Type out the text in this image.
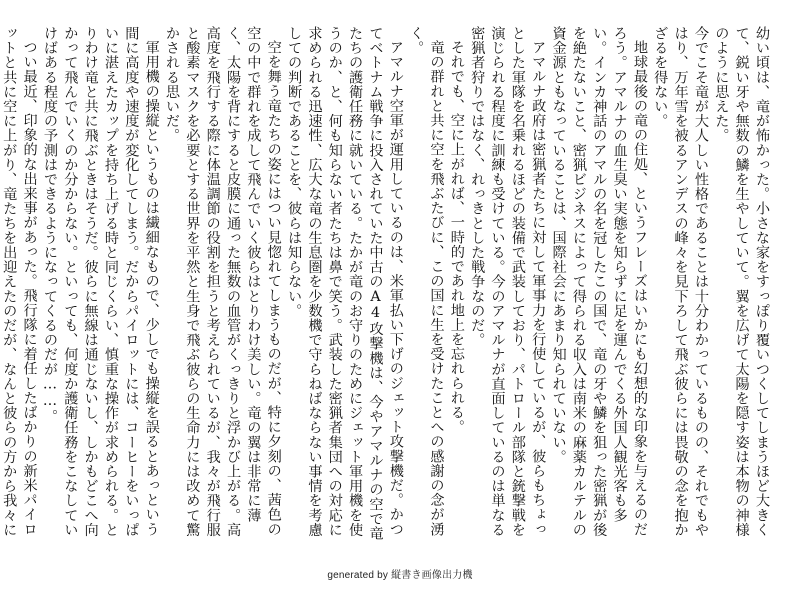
幼い頃は、竜が怖かった。小さな家をすっぽり覆いつくしてしまうほど大きくて、鋭い牙や無数の鱗を生やしていて。翼を広げて太陽を隠す姿は本物の神様のように思えた。

今でこそ竜が大人しい性格であることは十分わかっているものの、それでもやはり、万年雪を被るアンデスの峰々を見下ろして飛ぶ彼らには畏敬の念を抱かざるを得ない。

地球最後の竜の住処、というフレーズはいかにも幻想的な印象を与えるのだろう。アマルナの血生臭い実態を知らずに足を運んでくる外国人観光客も多い。インカ神話のアマルの名を冠したこの国で、竜の牙や鱗を狙った密猟が後を絶たないこと、密猟ビジネスによって得られる収入は南米の麻薬カルテルの資金源ともなっていることは、国際社会にあまり知られていない。

アマルナ政府は密猟者たちに対して軍事力を行使しているが、彼らもちょっとした軍隊を名乗れるほどの装備で武装しており、パトロール部隊と銃撃戦を演じられる程度に訓練も受けている。今のアマルナが直面しているのは単なる密猟者狩りではなく、れっきとした戦争なのだ。

それでも、空に上がれば、一時的であれ地上を忘れられる。

竜の群れと共に空を飛ぶたびに、この国に生を受けたことへの感謝の念が湧く。

アマルナ空軍が運用しているのは、米軍払い下げのジェット攻撃機だ。かつてベトナム戦争に投入されていた中古のA4攻撃機は、今やアマルナの空で竜たちの護衛任務に就いている。たかが竜のお守りのためにジェット軍用機を使うのか、と、何も知らない者たちは鼻で笑う。武装した密猟者集団への対応に求められる迅速性、広大な竜の生息圏を少数機で守らねばならない事情を考慮しての判断であることを、彼らは知らない。

空を舞う竜たちの姿にはつい見惚れてしまうものだが、特に夕刻の、茜色の空の中で群れを成して飛んでいく彼らはとりわけ美しい。竜の翼は非常に薄く、太陽を背にすると皮膜に通った無数の血管がくっきりと浮かび上がる。高高度を飛行する際に体温調節の役割を担うと考えられているが、我々が飛行服と酸素マスクを必要とする世界を平然と生身で飛ぶ彼らの生命力には改めて驚かされる思いだ。

軍用機の操縦というものは繊細なもので、少しでも操縦を誤るとあっという間に高度や速度が変化してしまう。だからパイロットには、コーヒーをいっぱいに湛えたカップを持ち上げる時と同じくらい、慎重な操作が求められる。とりわけ竜と共に飛ぶときはそうだ。彼らに無線は通じないし、しかもどこへ向かって飛んでいくのか分からない。といっても、何度か護衛任務をこなしていけばある程度の予測はできるようになってくるのだが……。

つい最近、印象的な出来事があった。飛行隊に着任したばかりの新米パイロットと共に空に上がり、竜たちを出迎えたのだが、なんと彼らの方から我々に

generated by 縦書き画像出力機
